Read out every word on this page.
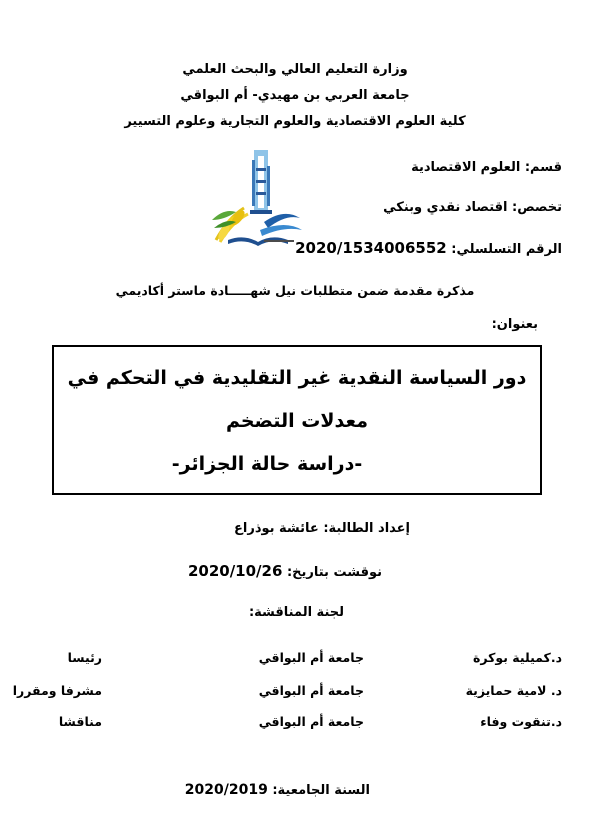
وزارة التعليم العالي والبحث العلمي
جامعة العربي بن مهيدي- أم البواقي
كلية العلوم الاقتصادية والعلوم التجارية وعلوم التسيير
قسم: العلوم الاقتصادية
تخصص: اقتصاد نقدي وبنكي
الرقم التسلسلي: 2020/1534006552
مذكرة مقدمة ضمن متطلبات نيل شهـــــادة ماستر أكاديمي
بعنوان:
دور السياسة النقدية غير التقليدية في التحكم في
معدلات التضخم
-دراسة حالة الجزائر-
إعداد الطالبة: عائشة بوذراع
نوقشت بتاريخ: 2020/10/26
لجنة المناقشة:
د.كميلية بوكرة
جامعة أم البواقي
رئيسا
د. لامية حمايزية
جامعة أم البواقي
مشرفا ومقررا
د.تنقوت وفاء
جامعة أم البواقي
مناقشا
السنة الجامعية: 2020/2019
